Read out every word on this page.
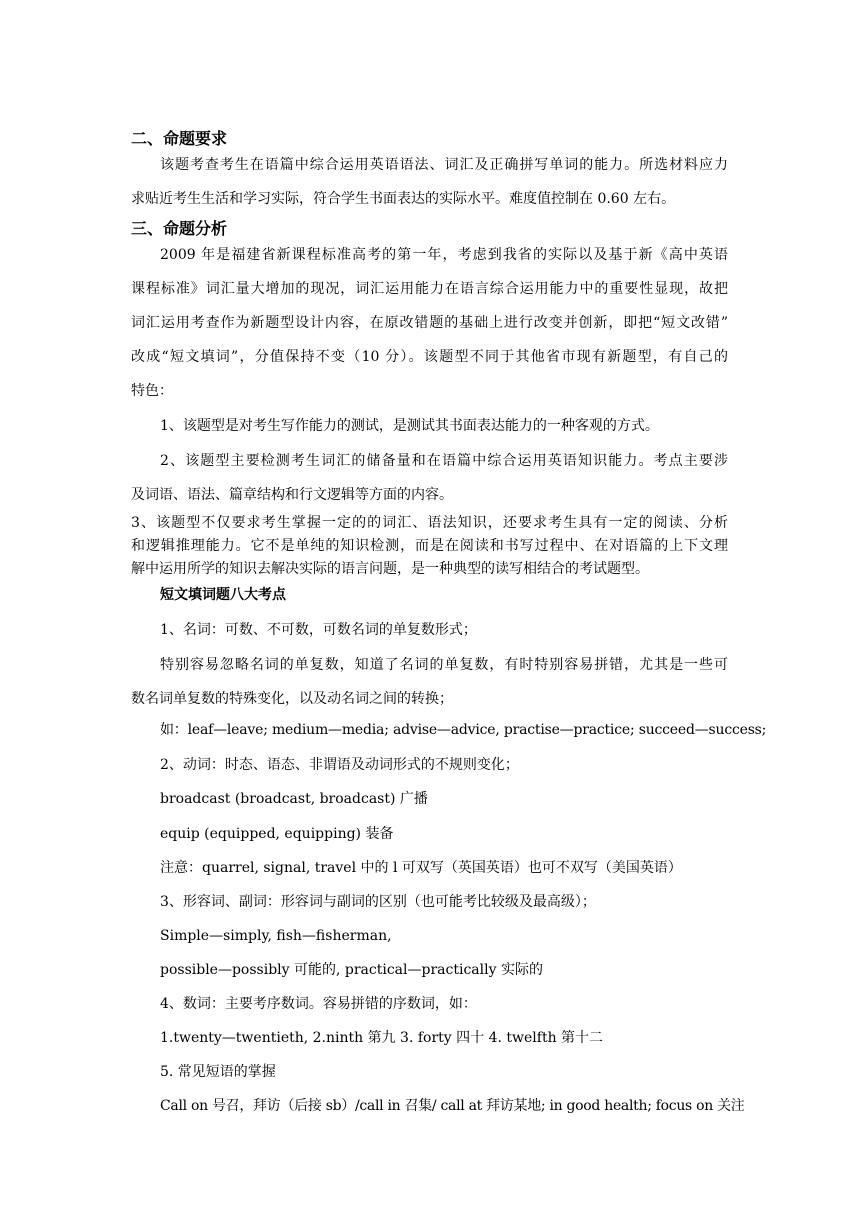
二、命题要求
该题考查考生在语篇中综合运用英语语法、词汇及正确拼写单词的能力。所选材料应力
求贴近考生生活和学习实际，符合学生书面表达的实际水平。难度值控制在 0.60 左右。
三、命题分析
2009 年是福建省新课程标准高考的第一年，考虑到我省的实际以及基于新《高中英语
课程标准》词汇量大增加的现况，词汇运用能力在语言综合运用能力中的重要性显现，故把
词汇运用考查作为新题型设计内容，在原改错题的基础上进行改变并创新，即把“短文改错”
改成“短文填词”，分值保持不变（10 分）。该题型不同于其他省市现有新题型，有自己的
特色：
1、该题型是对考生写作能力的测试，是测试其书面表达能力的一种客观的方式。
2、该题型主要检测考生词汇的储备量和在语篇中综合运用英语知识能力。考点主要涉
及词语、语法、篇章结构和行文逻辑等方面的内容。
3、该题型不仅要求考生掌握一定的的词汇、语法知识，还要求考生具有一定的阅读、分析
和逻辑推理能力。它不是单纯的知识检测，而是在阅读和书写过程中、在对语篇的上下文理
解中运用所学的知识去解决实际的语言问题，是一种典型的读写相结合的考试题型。
短文填词题八大考点
1、名词：可数、不可数，可数名词的单复数形式；
特别容易忽略名词的单复数，知道了名词的单复数，有时特别容易拼错，尤其是一些可
数名词单复数的特殊变化，以及动名词之间的转换；
如：leaf—leave; medium—media; advise—advice, practise—practice; succeed—success;
2、动词：时态、语态、非谓语及动词形式的不规则变化；
broadcast (broadcast, broadcast) 广播
equip (equipped, equipping) 装备
注意：quarrel, signal, travel 中的 l 可双写（英国英语）也可不双写（美国英语）
3、形容词、副词：形容词与副词的区别（也可能考比较级及最高级）；
Simple—simply, fish—fisherman,
possible—possibly 可能的, practical—practically 实际的
4、数词：主要考序数词。容易拼错的序数词，如：
1.twenty—twentieth, 2.ninth 第九 3. forty 四十 4. twelfth 第十二
5. 常见短语的掌握
Call on 号召，拜访（后接 sb）/call in 召集/ call at 拜访某地; in good health; focus on 关注
